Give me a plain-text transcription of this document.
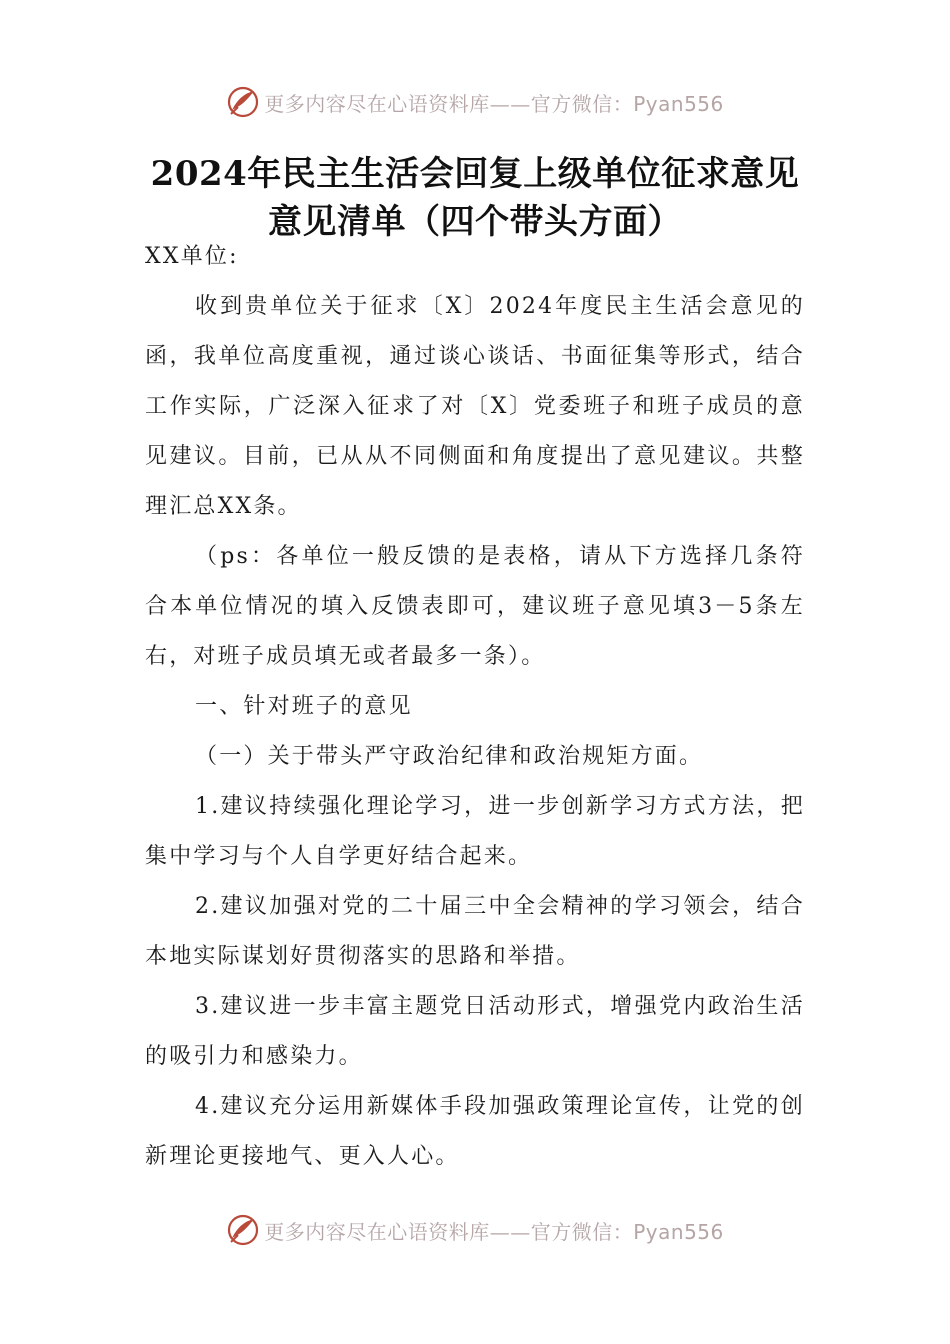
更多内容尽在心语资料库——官方微信：Pyan556
2024年民主生活会回复上级单位征求意见
意见清单（四个带头方面）

XX单位:

收到贵单位关于征求〔X〕2024年度民主生活会意见的函，我单位高度重视，通过谈心谈话、书面征集等形式，结合工作实际，广泛深入征求了对〔X〕党委班子和班子成员的意见建议。目前，已从从不同侧面和角度提出了意见建议。共整理汇总XX条。

（ps：各单位一般反馈的是表格，请从下方选择几条符合本单位情况的填入反馈表即可，建议班子意见填3－5条左右，对班子成员填无或者最多一条）。

一、针对班子的意见

（一）关于带头严守政治纪律和政治规矩方面。

1.建议持续强化理论学习，进一步创新学习方式方法，把集中学习与个人自学更好结合起来。

2.建议加强对党的二十届三中全会精神的学习领会，结合本地实际谋划好贯彻落实的思路和举措。

3.建议进一步丰富主题党日活动形式，增强党内政治生活的吸引力和感染力。

4.建议充分运用新媒体手段加强政策理论宣传，让党的创新理论更接地气、更入人心。

更多内容尽在心语资料库——官方微信：Pyan556
